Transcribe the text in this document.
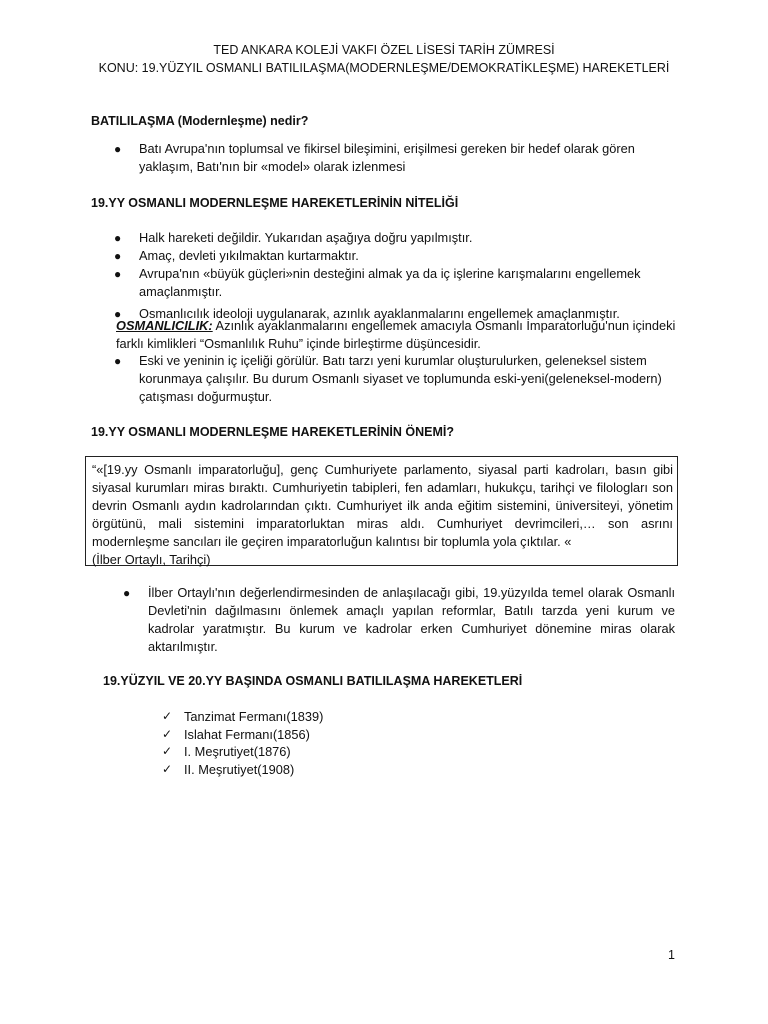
TED ANKARA KOLEJİ VAKFI ÖZEL LİSESİ TARİH ZÜMRESİ
KONU: 19.YÜZYIL OSMANLI BATILILAŞMA(MODERNLEŞME/DEMOKRATİKLEŞME) HAREKETLERİ
BATILILAŞMA (Modernleşme) nedir?
● Batı Avrupa'nın toplumsal ve fikirsel bileşimini, erişilmesi gereken bir hedef olarak gören yaklaşım, Batı'nın bir «model» olarak izlenmesi
19.YY OSMANLI MODERNLEŞME HAREKETLERİNİN NİTELİĞİ
● Halk hareketi değildir. Yukarıdan aşağıya doğru yapılmıştır.
● Amaç, devleti yıkılmaktan kurtarmaktır.
● Avrupa'nın «büyük güçleri»nin desteğini almak ya da iç işlerine karışmalarını engellemek amaçlanmıştır.
● Osmanlıcılık ideoloji uygulanarak, azınlık ayaklanmalarını engellemek amaçlanmıştır.
OSMANLICILIK: Azınlık ayaklanmalarını engellemek amacıyla Osmanlı İmparatorluğu'nun içindeki farklı kimlikleri “Osmanlılık Ruhu” içinde birleştirme düşüncesidir.
● Eski ve yeninin iç içeliği görülür. Batı tarzı yeni kurumlar oluşturulurken, geleneksel sistem korunmaya çalışılır. Bu durum Osmanlı siyaset ve toplumunda eski-yeni(geleneksel-modern) çatışması doğurmuştur.
19.YY OSMANLI MODERNLEŞME HAREKETLERİNİN ÖNEMİ?
“«[19.yy Osmanlı imparatorluğu], genç Cumhuriyete parlamento, siyasal parti kadroları, basın gibi siyasal kurumları miras bıraktı. Cumhuriyetin tabipleri, fen adamları, hukukçu, tarihçi ve filologları son devrin Osmanlı aydın kadrolarından çıktı. Cumhuriyet ilk anda eğitim sistemini, üniversiteyi, yönetim örgütünü, mali sistemini imparatorluktan miras aldı. Cumhuriyet devrimcileri,… son asrını modernleşme sancıları ile geçiren imparatorluğun kalıntısı bir toplumla yola çıktılar. «
(İlber Ortaylı, Tarihçi)
● İlber Ortaylı'nın değerlendirmesinden de anlaşılacağı gibi, 19.yüzyılda temel olarak Osmanlı Devleti'nin dağılmasını önlemek amaçlı yapılan reformlar, Batılı tarzda yeni kurum ve kadrolar yaratmıştır. Bu kurum ve kadrolar erken Cumhuriyet dönemine miras olarak aktarılmıştır.
19.YÜZYIL VE 20.YY BAŞINDA OSMANLI BATILILAŞMA HAREKETLERİ
✓ Tanzimat Fermanı(1839)
✓ Islahat Fermanı(1856)
✓ I. Meşrutiyet(1876)
✓ II. Meşrutiyet(1908)
1
